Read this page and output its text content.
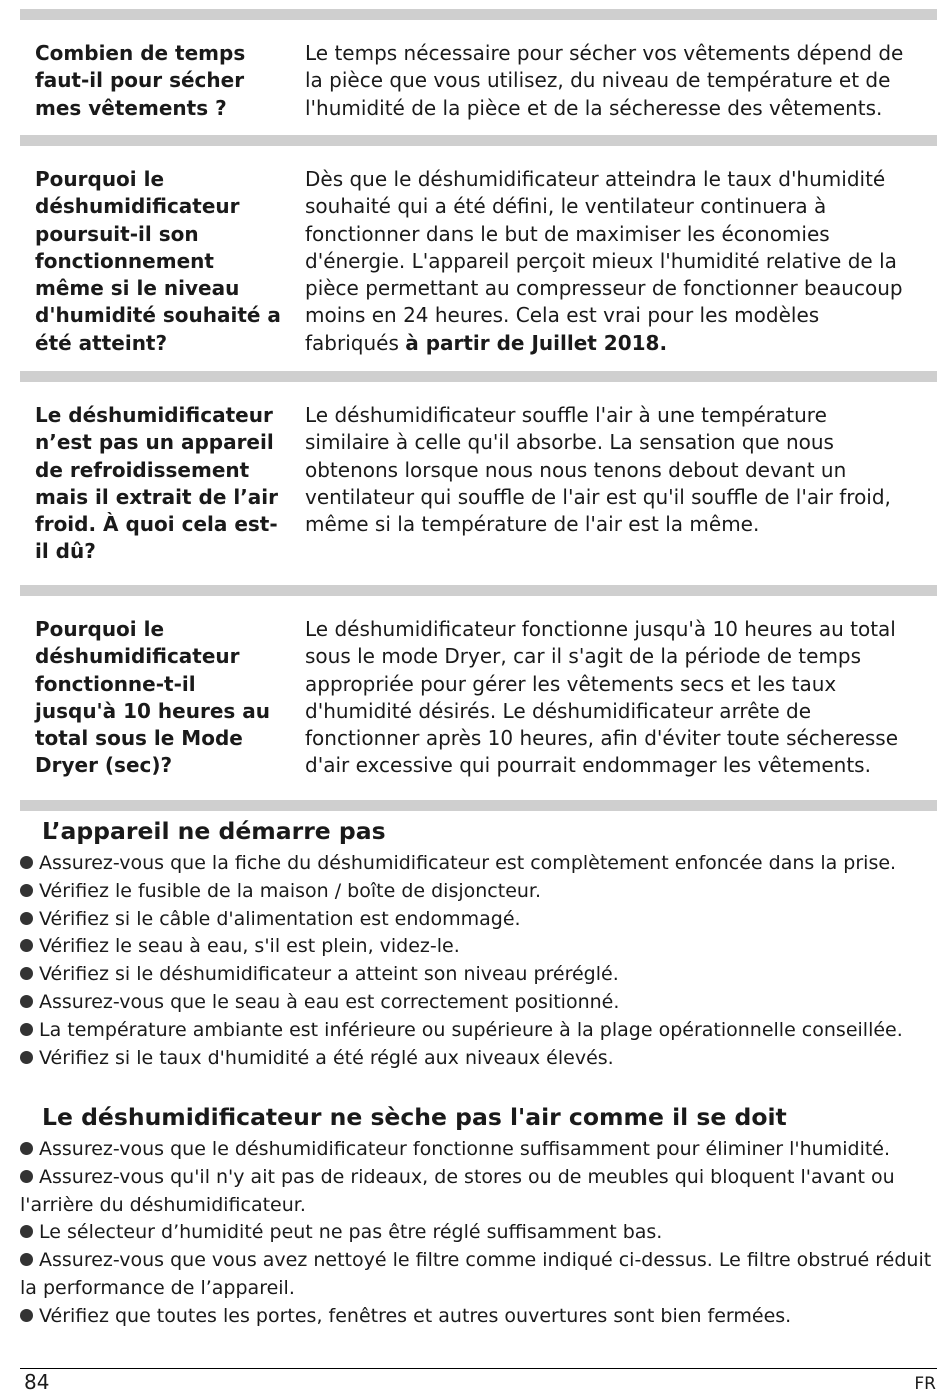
Combien de temps faut-il pour sécher mes vêtements ?
Le temps nécessaire pour sécher vos vêtements dépend de la pièce que vous utilisez, du niveau de température et de l'humidité de la pièce et de la sécheresse des vêtements.
Pourquoi le déshumidificateur poursuit-il son fonctionnement même si le niveau d'humidité souhaité a été atteint?
Dès que le déshumidificateur atteindra le taux d'humidité souhaité qui a été défini, le ventilateur continuera à fonctionner dans le but de maximiser les économies d'énergie. L'appareil perçoit mieux l'humidité relative de la pièce permettant au compresseur de fonctionner beaucoup moins en 24 heures. Cela est vrai pour les modèles fabriqués à partir de Juillet 2018.
Le déshumidificateur n’est pas un appareil de refroidissement mais il extrait de l’air froid. À quoi cela est-il dû?
Le déshumidificateur souffle l'air à une température similaire à celle qu'il absorbe. La sensation que nous obtenons lorsque nous nous tenons debout devant un ventilateur qui souffle de l'air est qu'il souffle de l'air froid, même si la température de l'air est la même.
Pourquoi le déshumidificateur fonctionne-t-il jusqu'à 10 heures au total sous le Mode Dryer (sec)?
Le déshumidificateur fonctionne jusqu'à 10 heures au total sous le mode Dryer, car il s'agit de la période de temps appropriée pour gérer les vêtements secs et les taux d'humidité désirés. Le déshumidificateur arrête de fonctionner après 10 heures, afin d'éviter toute sécheresse d'air excessive qui pourrait endommager les vêtements.
L’appareil ne démarre pas
Assurez-vous que la fiche du déshumidificateur est complètement enfoncée dans la prise.
Vérifiez le fusible de la maison / boîte de disjoncteur.
Vérifiez si le câble d'alimentation est endommagé.
Vérifiez le seau à eau, s'il est plein, videz-le.
Vérifiez si le déshumidificateur a atteint son niveau préréglé.
Assurez-vous que le seau à eau est correctement positionné.
La température ambiante est inférieure ou supérieure à la plage opérationnelle conseillée.
Vérifiez si le taux d'humidité a été réglé aux niveaux élevés.
Le déshumidificateur ne sèche pas l'air comme il se doit
Assurez-vous que le déshumidificateur fonctionne suffisamment pour éliminer l'humidité.
Assurez-vous qu'il n'y ait pas de rideaux, de stores ou de meubles qui bloquent l'avant ou l'arrière du déshumidificateur.
Le sélecteur d’humidité peut ne pas être réglé suffisamment bas.
Assurez-vous que vous avez nettoyé le filtre comme indiqué ci-dessus. Le filtre obstrué réduit la performance de l’appareil.
Vérifiez que toutes les portes, fenêtres et autres ouvertures sont bien fermées.
84	FR
